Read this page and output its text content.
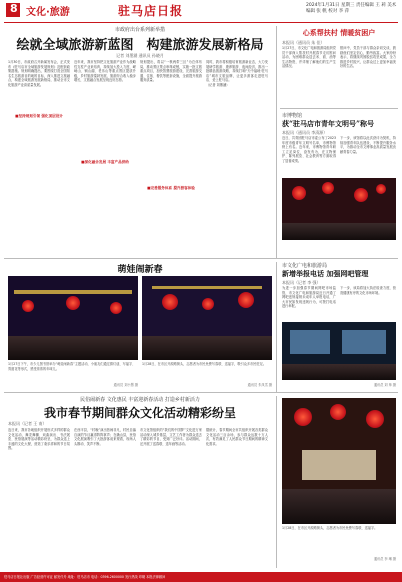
8 文化·旅游	驻马店日报	2024年1月31日 星期三 责任编辑 王 莉 美术编辑 张 帆 校对 李 萍
市政府出台系列新举措
绘就全域旅游新蓝图　构建旅游发展新格局
记者 刘墨涵 通讯员 孙晓月
1月30日，市政府召开新闻发布会，正式发布《驻马店市全域旅游发展规划》及配套政策措施。规划明确提出，要围绕打造全国知名生态旅游目的地的目标，深入推进文旅融合，构建全域旅游发展新格局，推动全市文化旅游产业高质量发展。
■坚持规划引领 强化顶层设计
近年来，我市坚持把文化旅游产业作为战略性支柱产业来培育，持续加大投入力度，嵘岈山、铜山湖、老乐山等重点景区提质升级，乡村旅游蓬勃发展，旅游综合收入稳步增长，文旅融合发展呈现良好态势。
■深化融合发展 丰富产品供给
规划提出，将以“一核两带三区”为总体布局，推动景区景点串珠成链，实施一批文旅重点项目，加快智慧旅游建设，完善旅游交通、住宿、餐饮等配套设施，全面提升旅游服务质量。
■完善服务体系 提升游客体验
同时，我市将积极培育旅游新业态，大力发展研学旅游、康养旅游、夜间经济，推出一批精品旅游线路，持续打响“天中福地·驻马店”城市文旅品牌，让更多游客走进驻马店、爱上驻马店。
（记者 刘墨涵）
心系帮扶村 情暖贫困户
本报讯（通讯员 朱 佳）
1月27日，市文化广电和旅游局组织党员干部深入帮扶村开展春节走访慰问活动，为困难群众送去米、面、油等生活物资，并详细了解他们的生产生活情况。
慰问中，党员干部与群众亲切交谈，鼓励他们坚定信心，勤劳致富。大家纷纷表示，将继续巩固脱贫攻坚成果，全力推进乡村振兴，让群众过上更加幸福美好的生活。
市博物馆
获“驻马店市青年文明号”称号
本报讯（通讯员 李清源）
近日，共青团驻马店市委公布了2023年度市级青年文明号名单，市博物馆榜上有名。近年来，市博物馆青年职工立足岗位、奋发有为，在文物保护、陈列展览、社会教育等方面取得了显著成绩。
下一步，该馆将以此次获评为契机，持续加强青年队伍建设，不断提升服务水平，为推动全市文博事业高质量发展贡献青春力量。
萌娃闹新春
1月27日下午，市少儿图书馆举办“萌娃闹新春”主题活动，小朋友们通过猜灯谜、写福字、剪窗花等形式，感受浓浓的年味儿。
通讯员 刘小慧 摄
1月28日，在市区开源路街头，志愿者为市民免费写春联、送福字，吸引众多市民驻足。
通讯员 朱凤雪 摄
市文化广电和旅游局
新增举报电话 加强网吧管理
本报讯（记者 李 强）
为进一步加强春节期间网吧市场监管，市文化广电和旅游局近日开通了网吧违规接纳未成年人举报电话，广大市民如发现违规行为，可拨打电话进行举报。
下一步，该局将加大执法检查力度，营造健康有序的文化市场环境。
通讯员 刘 帅 摄
民俗闹新春 文化惠民 丰富迎新春活动 打造乡村新活力
我市春节期间群众文化活动精彩纷呈
本报讯（记者 王 南）
连日来，我市各地组织开展形式多样的群众文化活动，舞龙舞狮、戏曲演出、书法展览、民俗展演等活动精彩纷呈，为群众送上丰盛的文化大餐，营造了欢乐祥和的节日氛围。
在西平县，“村晚”演出热闹非凡，村民自编自演的节目赢得阵阵掌声；在确山县，民俗文化展演吸引了大批游客前来观看，现场人头攒动、笑声不断。
市文化馆组织的“我们的中国梦”文化进万家活动深入城乡基层，文艺工作者为群众送去了精彩的节目，受到广泛好评。活动期间，还开展了送春联、送年画等活动。
据统计，春节期间全市共组织开展各类群众文化活动三百余场，参与群众达数十万人次，有效满足了人民群众节日期间的精神文化需求。
1月28日，在市区开源路街头，志愿者为市民免费写春联、送福字。
通讯员 李 琳 摄
驻马店日报社出版 广告经营许可证 邮发代号 地址：驻马店市 电话：0396-2600000 发行热线 印刷 本报法律顾问
